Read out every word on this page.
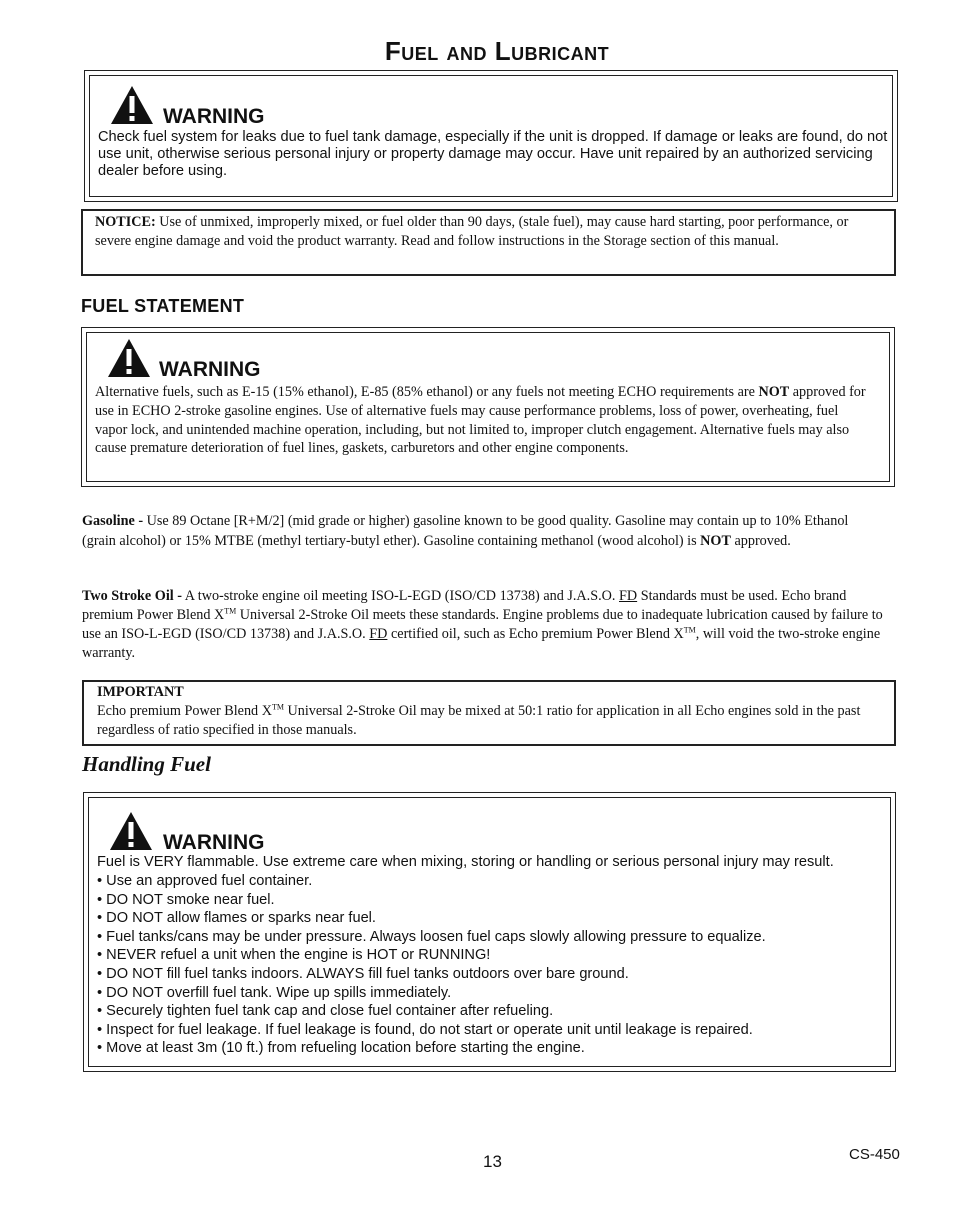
Fuel and Lubricant
WARNING
Check fuel system for leaks due to fuel tank damage, especially if the unit is dropped. If damage or leaks are found, do not use unit, otherwise serious personal injury or property damage may occur. Have unit repaired by an authorized servicing dealer before using.
NOTICE: Use of unmixed, improperly mixed, or fuel older than 90 days, (stale fuel), may cause hard starting, poor performance, or severe engine damage and void the product warranty. Read and follow instructions in the Storage section of this manual.
FUEL STATEMENT
WARNING
Alternative fuels, such as E-15 (15% ethanol), E-85 (85% ethanol) or any fuels not meeting ECHO requirements are NOT approved for use in ECHO 2-stroke gasoline engines. Use of alternative fuels may cause performance problems, loss of power, overheating, fuel vapor lock, and unintended machine operation, including, but not limited to, improper clutch engagement. Alternative fuels may also cause premature deterioration of fuel lines, gaskets, carburetors and other engine components.
Gasoline - Use 89 Octane [R+M/2] (mid grade or higher) gasoline known to be good quality. Gasoline may contain up to 10% Ethanol (grain alcohol) or 15% MTBE (methyl tertiary-butyl ether). Gasoline containing methanol (wood alcohol) is NOT approved.
Two Stroke Oil - A two-stroke engine oil meeting ISO-L-EGD (ISO/CD 13738) and J.A.S.O. FD Standards must be used. Echo brand premium Power Blend X™ Universal 2-Stroke Oil meets these standards. Engine problems due to inadequate lubrication caused by failure to use an ISO-L-EGD (ISO/CD 13738) and J.A.S.O. FD certified oil, such as Echo premium Power Blend X™, will void the two-stroke engine warranty.
IMPORTANT
Echo premium Power Blend X™ Universal 2-Stroke Oil may be mixed at 50:1 ratio for application in all Echo engines sold in the past regardless of ratio specified in those manuals.
Handling Fuel
WARNING
Fuel is VERY flammable. Use extreme care when mixing, storing or handling or serious personal injury may result.
• Use an approved fuel container.
• DO NOT smoke near fuel.
• DO NOT allow flames or sparks near fuel.
• Fuel tanks/cans may be under pressure. Always loosen fuel caps slowly allowing pressure to equalize.
• NEVER refuel a unit when the engine is HOT or RUNNING!
• DO NOT fill fuel tanks indoors. ALWAYS fill fuel tanks outdoors over bare ground.
• DO NOT overfill fuel tank. Wipe up spills immediately.
• Securely tighten fuel tank cap and close fuel container after refueling.
• Inspect for fuel leakage. If fuel leakage is found, do not start or operate unit until leakage is repaired.
• Move at least 3m (10 ft.) from refueling location before starting the engine.
13	CS-450
